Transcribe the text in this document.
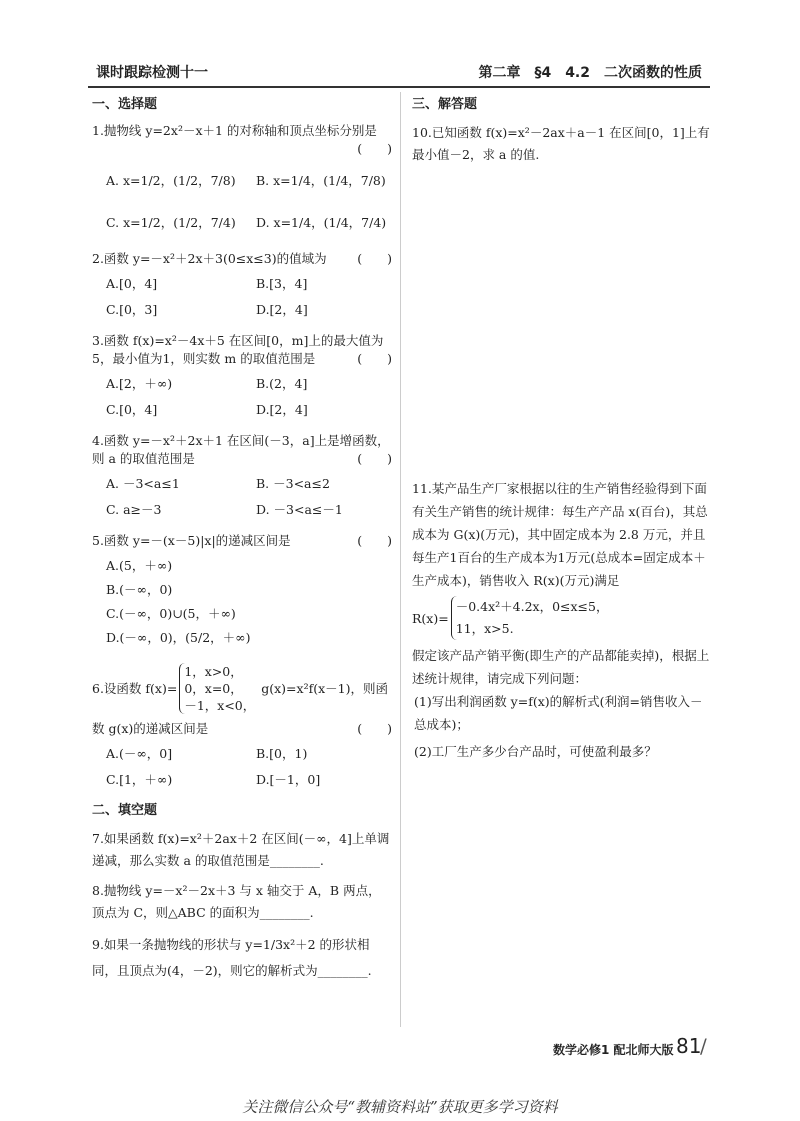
课时跟踪检测十一	第二章　§4　4.2　二次函数的性质
一、选择题
1.抛物线 y=2x²－x＋1 的对称轴和顶点坐标分别是
(　　)
A. x=1/2，(1/2，7/8)	B. x=1/4，(1/4，7/8)
C. x=1/2，(1/2，7/4)	D. x=1/4，(1/4，7/4)
2.函数 y=－x²＋2x＋3(0≤x≤3)的值域为 (　　)
A.[0，4]	B.[3，4]
C.[0，3]	D.[2，4]
3.函数 f(x)=x²－4x＋5 在区间[0，m]上的最大值为5，最小值为1，则实数 m 的取值范围是	(　　)
A.[2，＋∞)	B.(2，4]
C.[0，4]	D.[2，4]
4.函数 y=－x²＋2x＋1 在区间(－3，a]上是增函数，则 a 的取值范围是	(　　)
A. －3<a≤1	B. －3<a≤2
C. a≥－3	D. －3<a≤－1
5.函数 y=－(x－5)|x|的递减区间是	(　　)
A.(5，＋∞)
B.(－∞，0)
C.(－∞，0)∪(5，＋∞)
D.(－∞，0)，(5/2，＋∞)
6.设函数 f(x)=
1，x>0，
0，x=0，
－1，x<0，
g(x)=x²f(x－1)，则函
数 g(x)的递减区间是	(　　)
A.(－∞，0]	B.[0，1)
C.[1，＋∞)	D.[－1，0]
二、填空题
7.如果函数 f(x)=x²＋2ax＋2 在区间(－∞，4]上单调递减，那么实数 a 的取值范围是________.
8.抛物线 y=－x²－2x＋3 与 x 轴交于 A，B 两点，顶点为 C，则△ABC 的面积为________.
9.如果一条抛物线的形状与 y=1/3x²＋2 的形状相同，且顶点为(4，－2)，则它的解析式为________.
三、解答题
10.已知函数 f(x)=x²－2ax＋a－1 在区间[0，1]上有最小值－2，求 a 的值.
11.某产品生产厂家根据以往的生产销售经验得到下面有关生产销售的统计规律：每生产产品 x(百台)，其总成本为 G(x)(万元)，其中固定成本为 2.8 万元，并且每生产1百台的生产成本为1万元(总成本=固定成本＋生产成本)，销售收入 R(x)(万元)满足
R(x)=
－0.4x²＋4.2x，0≤x≤5，
11，x>5.
假定该产品产销平衡(即生产的产品都能卖掉)，根据上述统计规律，请完成下列问题：
(1)写出利润函数 y=f(x)的解析式(利润=销售收入－总成本)；
(2)工厂生产多少台产品时，可使盈利最多？
数学必修1 配北师大版 81
/
关注微信公众号“教辅资料站”获取更多学习资料
